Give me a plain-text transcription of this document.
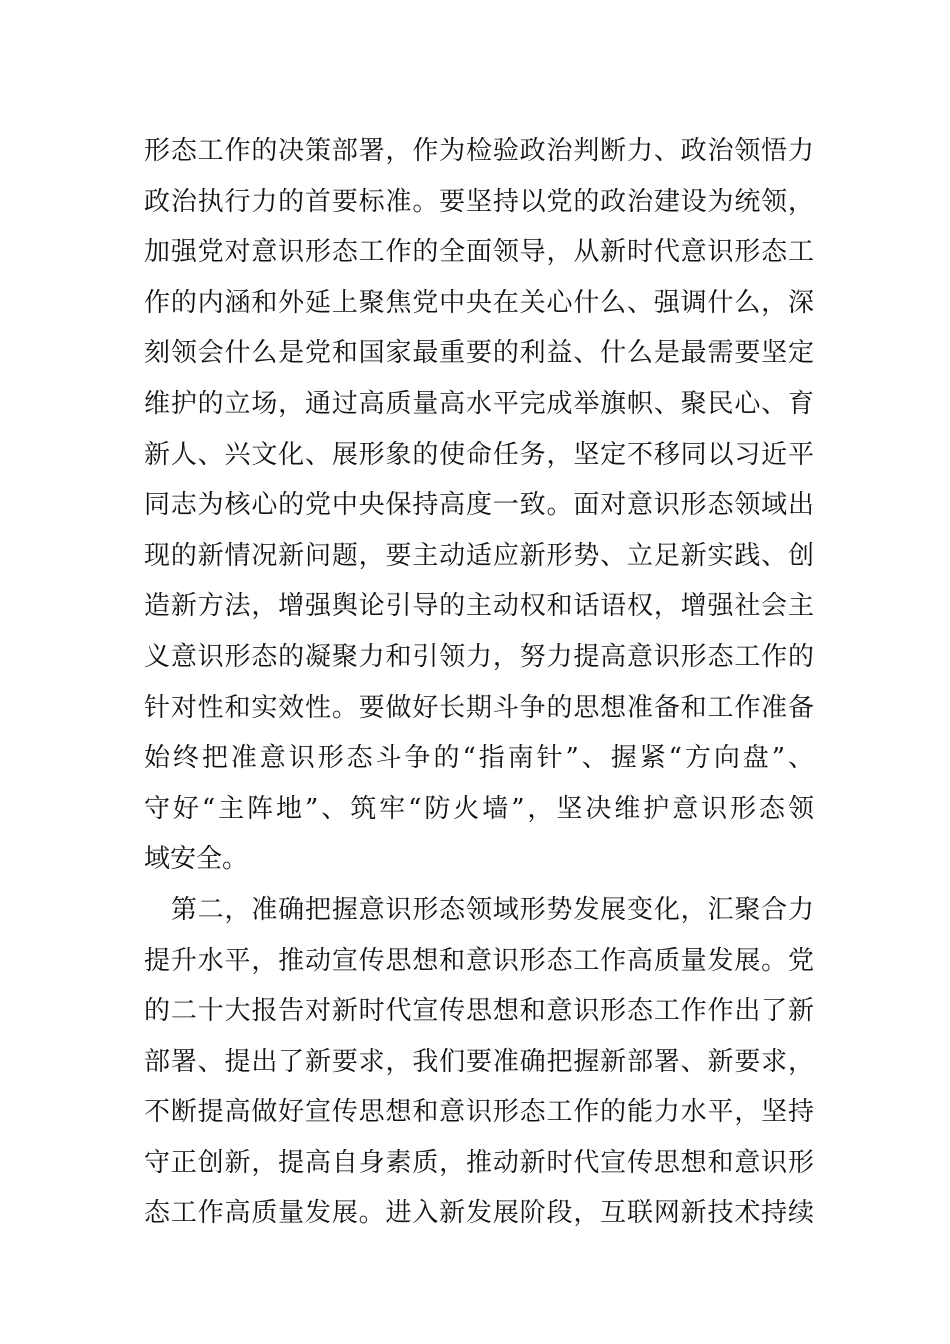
形态工作的决策部署，作为检验政治判断力、政治领悟力
政治执行力的首要标准。要坚持以党的政治建设为统领，
加强党对意识形态工作的全面领导，从新时代意识形态工
作的内涵和外延上聚焦党中央在关心什么、强调什么，深
刻领会什么是党和国家最重要的利益、什么是最需要坚定
维护的立场，通过高质量高水平完成举旗帜、聚民心、育
新人、兴文化、展形象的使命任务，坚定不移同以习近平
同志为核心的党中央保持高度一致。面对意识形态领域出
现的新情况新问题，要主动适应新形势、立足新实践、创
造新方法，增强舆论引导的主动权和话语权，增强社会主
义意识形态的凝聚力和引领力，努力提高意识形态工作的
针对性和实效性。要做好长期斗争的思想准备和工作准备
始终把准意识形态斗争的“指南针”、握紧“方向盘”、
守好“主阵地”、筑牢“防火墙”，坚决维护意识形态领
域安全。
　第二，准确把握意识形态领域形势发展变化，汇聚合力
提升水平，推动宣传思想和意识形态工作高质量发展。党
的二十大报告对新时代宣传思想和意识形态工作作出了新
部署、提出了新要求，我们要准确把握新部署、新要求，
不断提高做好宣传思想和意识形态工作的能力水平，坚持
守正创新，提高自身素质，推动新时代宣传思想和意识形
态工作高质量发展。进入新发展阶段，互联网新技术持续
